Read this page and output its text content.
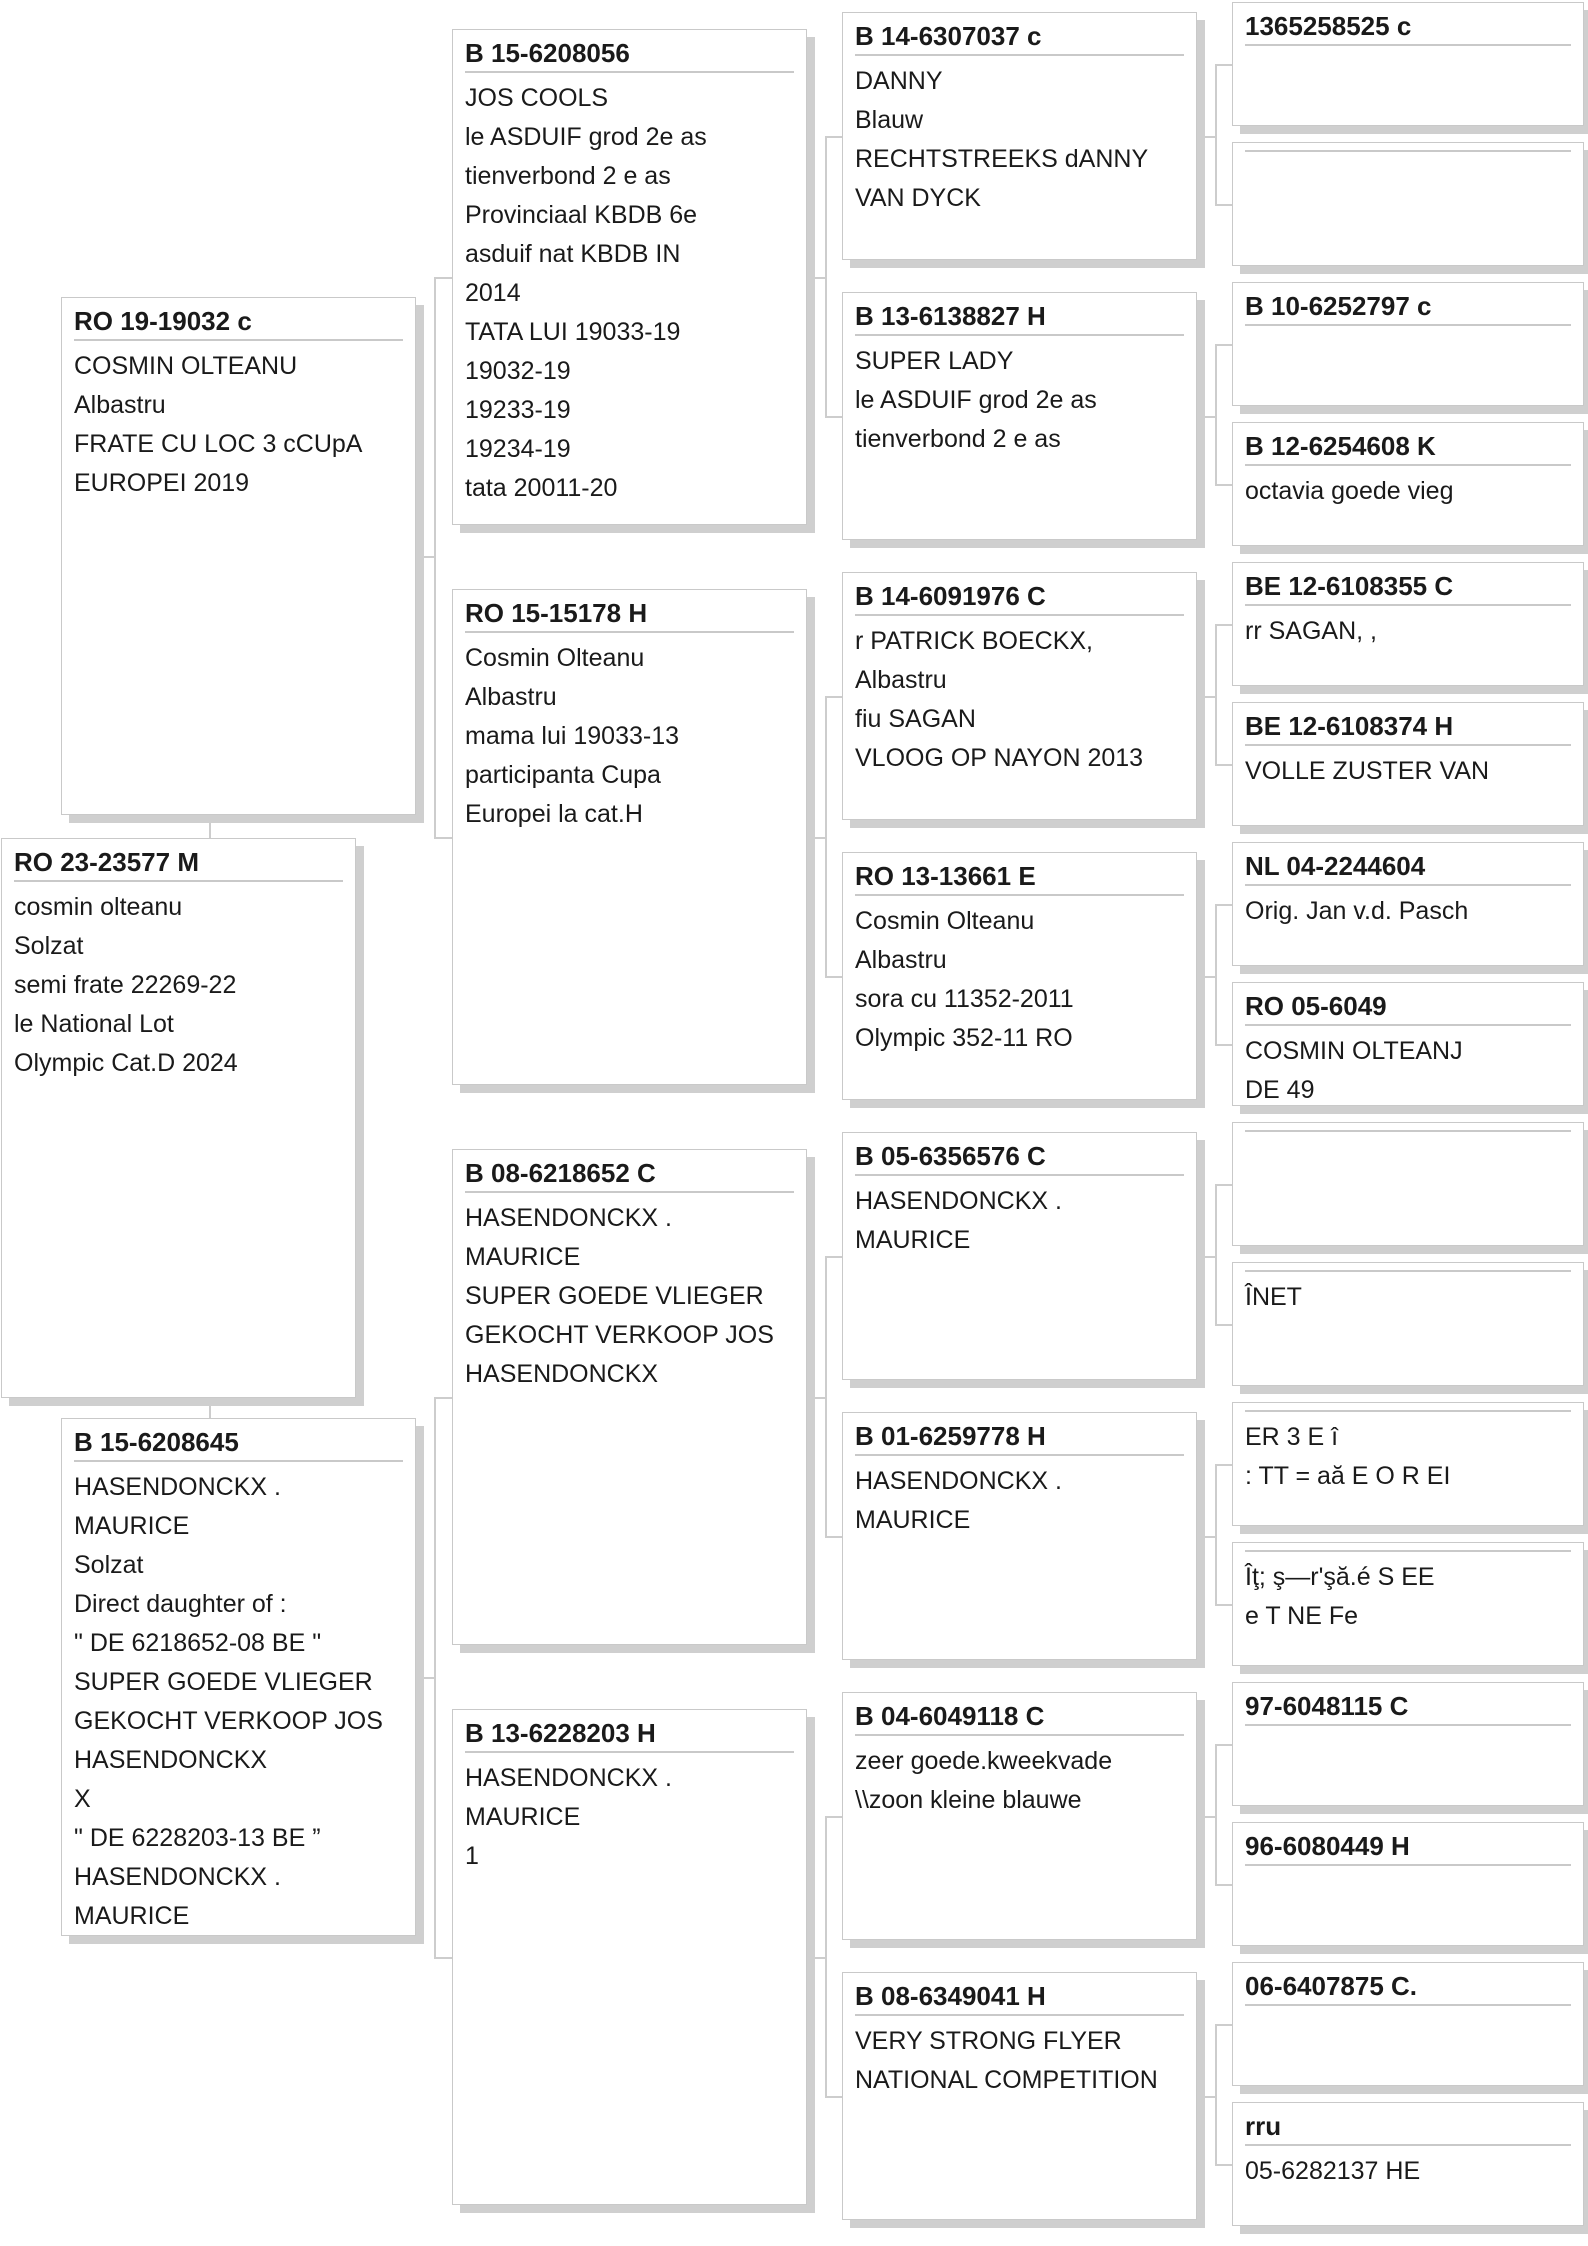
RO 23-23577 M
cosmin olteanu
Solzat
semi frate 22269-22
le National Lot
Olympic Cat.D 2024
RO 19-19032 c
COSMIN OLTEANU
Albastru
FRATE CU LOC 3 cCUpA
EUROPEI 2019
B 15-6208645
HASENDONCKX .
MAURICE
Solzat
Direct daughter of :
" DE 6218652-08 BE "
SUPER GOEDE VLIEGER
GEKOCHT VERKOOP JOS
HASENDONCKX
X
" DE 6228203-13 BE ”
HASENDONCKX .
MAURICE
B 15-6208056
JOS COOLS
le ASDUIF grod 2e as
tienverbond 2 e as
Provinciaal KBDB 6e
asduif nat KBDB IN
2014
TATA LUI 19033-19
19032-19
19233-19
19234-19
tata 20011-20
RO 15-15178 H
Cosmin Olteanu
Albastru
mama lui 19033-13
participanta Cupa
Europei la cat.H
B 08-6218652 C
HASENDONCKX .
MAURICE
SUPER GOEDE VLIEGER
GEKOCHT VERKOOP JOS
HASENDONCKX
B 13-6228203 H
HASENDONCKX .
MAURICE
1
B 14-6307037 c
DANNY
Blauw
RECHTSTREEKS dANNY
VAN DYCK
B 13-6138827 H
SUPER LADY
le ASDUIF grod 2e as
tienverbond 2 e as
B 14-6091976 C
r PATRICK BOECKX,
Albastru
fiu SAGAN
VLOOG OP NAYON 2013
RO 13-13661 E
Cosmin Olteanu
Albastru
sora cu 11352-2011
Olympic 352-11 RO
B 05-6356576 C
HASENDONCKX .
MAURICE
B 01-6259778 H
HASENDONCKX .
MAURICE
B 04-6049118 C
zeer goede.kweekvade
\\zoon kleine blauwe
B 08-6349041 H
VERY STRONG FLYER
NATIONAL COMPETITION
1365258525 c
B 10-6252797 c
B 12-6254608 K
octavia goede vieg
BE 12-6108355 C
rr SAGAN, ,
BE 12-6108374 H
VOLLE ZUSTER VAN
NL 04-2244604
Orig. Jan v.d. Pasch
RO 05-6049
COSMIN OLTEANJ
DE 49
ÎNET
ER 3 E î
: TT = aă E O R EI
Îţ; ş—r'şă.é S EE
e T NE Fe
97-6048115 C
96-6080449 H
06-6407875 C.
rru
05-6282137 HE
